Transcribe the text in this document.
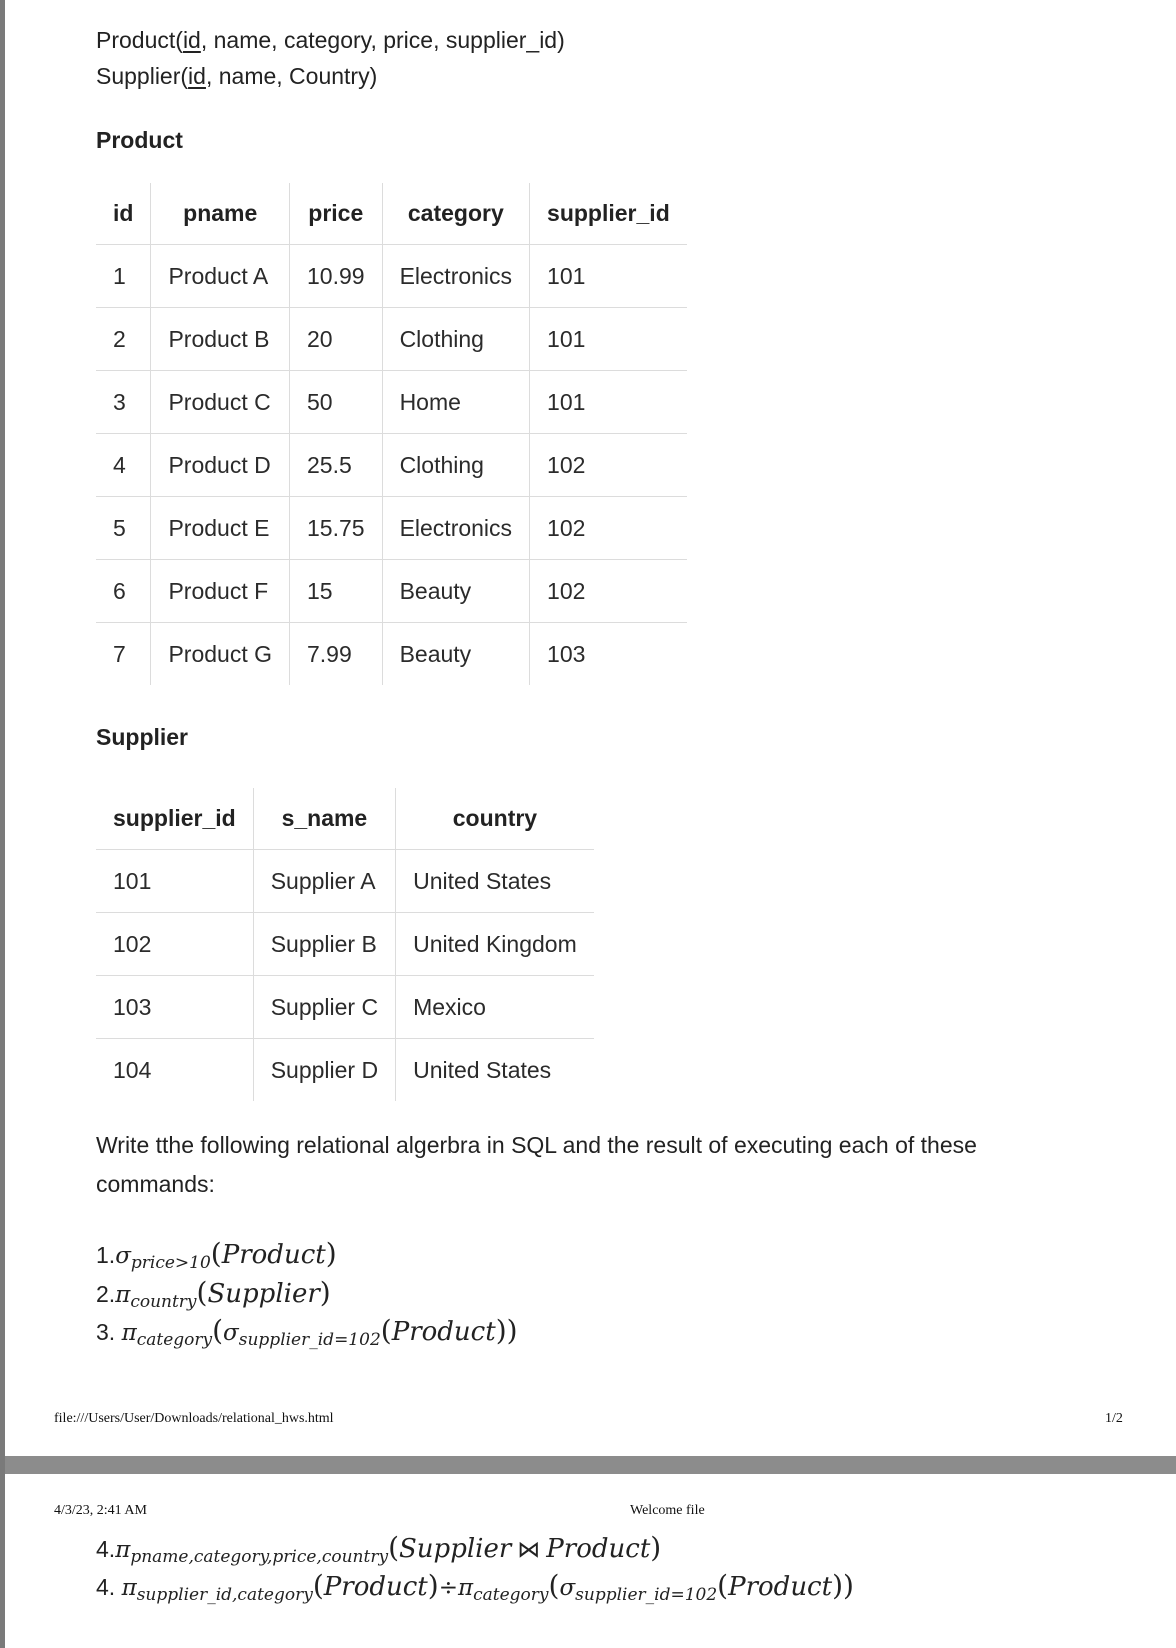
Product(id, name, category, price, supplier_id)
Supplier(id, name, Country)
Product
id	pname	price	category	supplier_id
1	Product A	10.99	Electronics	101
2	Product B	20	Clothing	101
3	Product C	50	Home	101
4	Product D	25.5	Clothing	102
5	Product E	15.75	Electronics	102
6	Product F	15	Beauty	102
7	Product G	7.99	Beauty	103
Supplier
supplier_id	s_name	country
101	Supplier A	United States
102	Supplier B	United Kingdom
103	Supplier C	Mexico
104	Supplier D	United States

Write tthe following relational algerbra in SQL and the result of executing each of these commands:

$1.\sigma_{price>10}(Product)$
$2.\pi_{country}(Supplier)$
3. $\pi_{category}(\sigma_{supplier\_id=102}(Product))$
file:///Users/User/Downloads/relational_hws.html	1/2
4/3/23, 2:41 AM	Welcome file
$4.\pi_{pname,category,price,country}(Supplier$ ⋈ Product)
4. $\pi_{supplier\_id,category}(Product)\div\pi_{category}(\sigma_{supplier\_id=102}(Product))$
